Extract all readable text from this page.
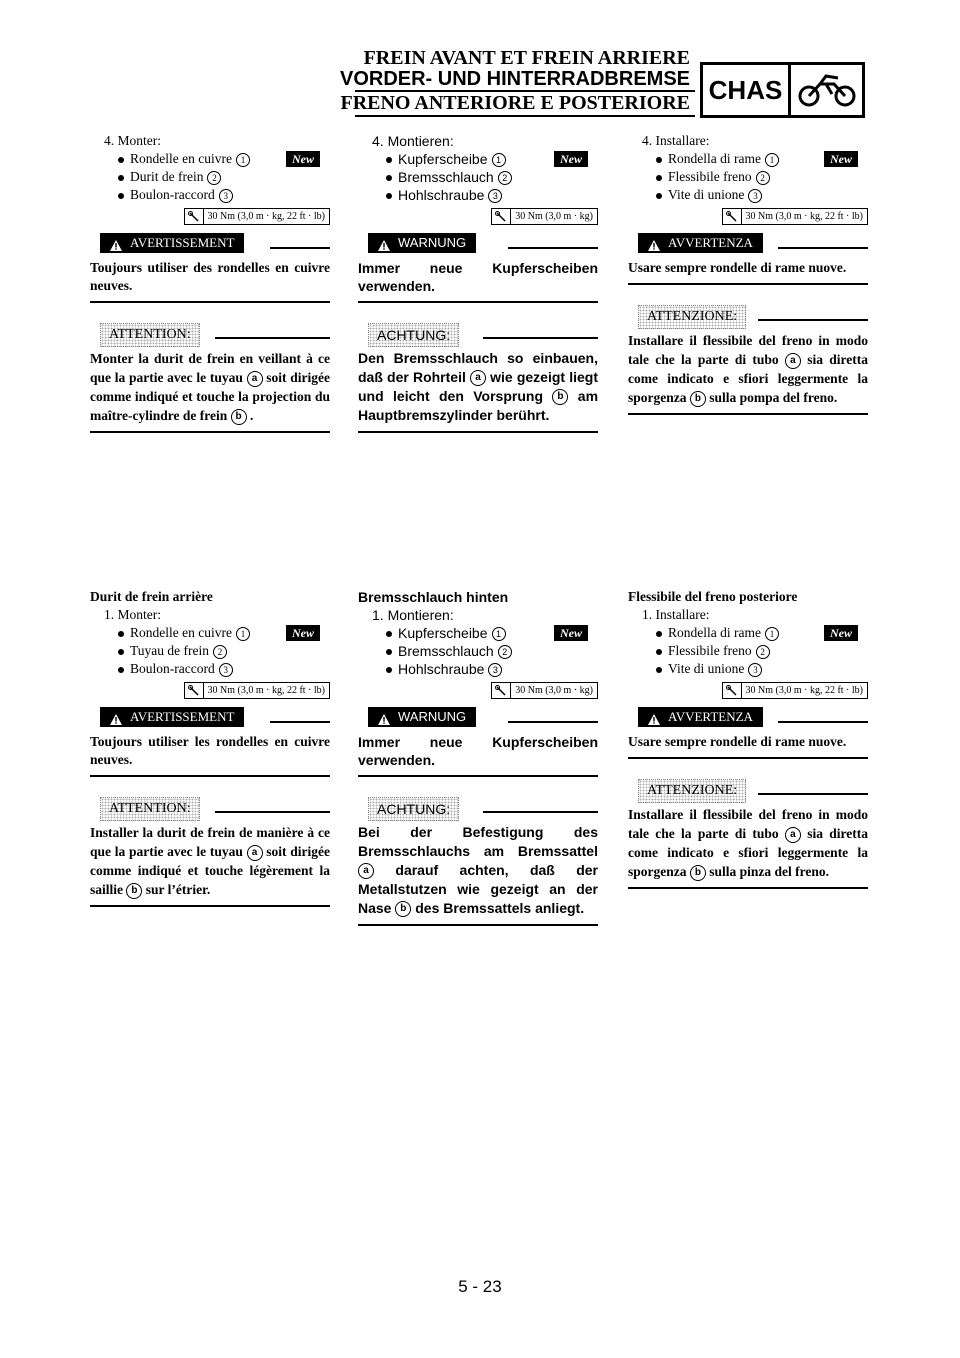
FREIN AVANT ET FREIN ARRIERE
VORDER- UND HINTERRADBREMSE
FRENO ANTERIORE E POSTERIORE CHAS
4. Monter:
Rondelle en cuivre 1	New
Durit de frein 2
Boulon-raccord 3
30 Nm (3,0 m · kg, 22 ft · lb)
AVERTISSEMENT
Toujours utiliser des rondelles en cuivre neuves.
ATTENTION:
Monter la durit de frein en veillant à ce que la partie avec le tuyau a soit dirigée comme indiqué et touche la projection du maître-cylindre de frein b .
4. Montieren:
Kupferscheibe 1	New
Bremsschlauch 2
Hohlschraube 3
30 Nm (3,0 m · kg)
WARNUNG
Immer neue Kupferscheiben verwenden.
ACHTUNG:
Den Bremsschlauch so einbauen, daß der Rohrteil a wie gezeigt liegt und leicht den Vorsprung b am Hauptbremszylinder berührt.
4. Installare:
Rondella di rame 1	New
Flessibile freno 2
Vite di unione 3
30 Nm (3,0 m · kg, 22 ft · lb)
AVVERTENZA
Usare sempre rondelle di rame nuove.
ATTENZIONE:
Installare il flessibile del freno in modo tale che la parte di tubo a sia diretta come indicato e sfiori leggermente la sporgenza b sulla pompa del freno.
Durit de frein arrière
1. Monter:
Rondelle en cuivre 1	New
Tuyau de frein 2
Boulon-raccord 3
30 Nm (3,0 m · kg, 22 ft · lb)
AVERTISSEMENT
Toujours utiliser les rondelles en cuivre neuves.
ATTENTION:
Installer la durit de frein de manière à ce que la partie avec le tuyau a soit dirigée comme indiqué et touche légèrement la saillie b sur l’étrier.
Bremsschlauch hinten
1. Montieren:
Kupferscheibe 1	New
Bremsschlauch 2
Hohlschraube 3
30 Nm (3,0 m · kg)
WARNUNG
Immer neue Kupferscheiben verwenden.
ACHTUNG:
Bei der Befestigung des Bremsschlauchs am Bremssattel a darauf achten, daß der Metallstutzen wie gezeigt an der Nase b des Bremssattels anliegt.
Flessibile del freno posteriore
1. Installare:
Rondella di rame 1	New
Flessibile freno 2
Vite di unione 3
30 Nm (3,0 m · kg, 22 ft · lb)
AVVERTENZA
Usare sempre rondelle di rame nuove.
ATTENZIONE:
Installare il flessibile del freno in modo tale che la parte di tubo a sia diretta come indicato e sfiori leggermente la sporgenza b sulla pinza del freno.
5 - 23
